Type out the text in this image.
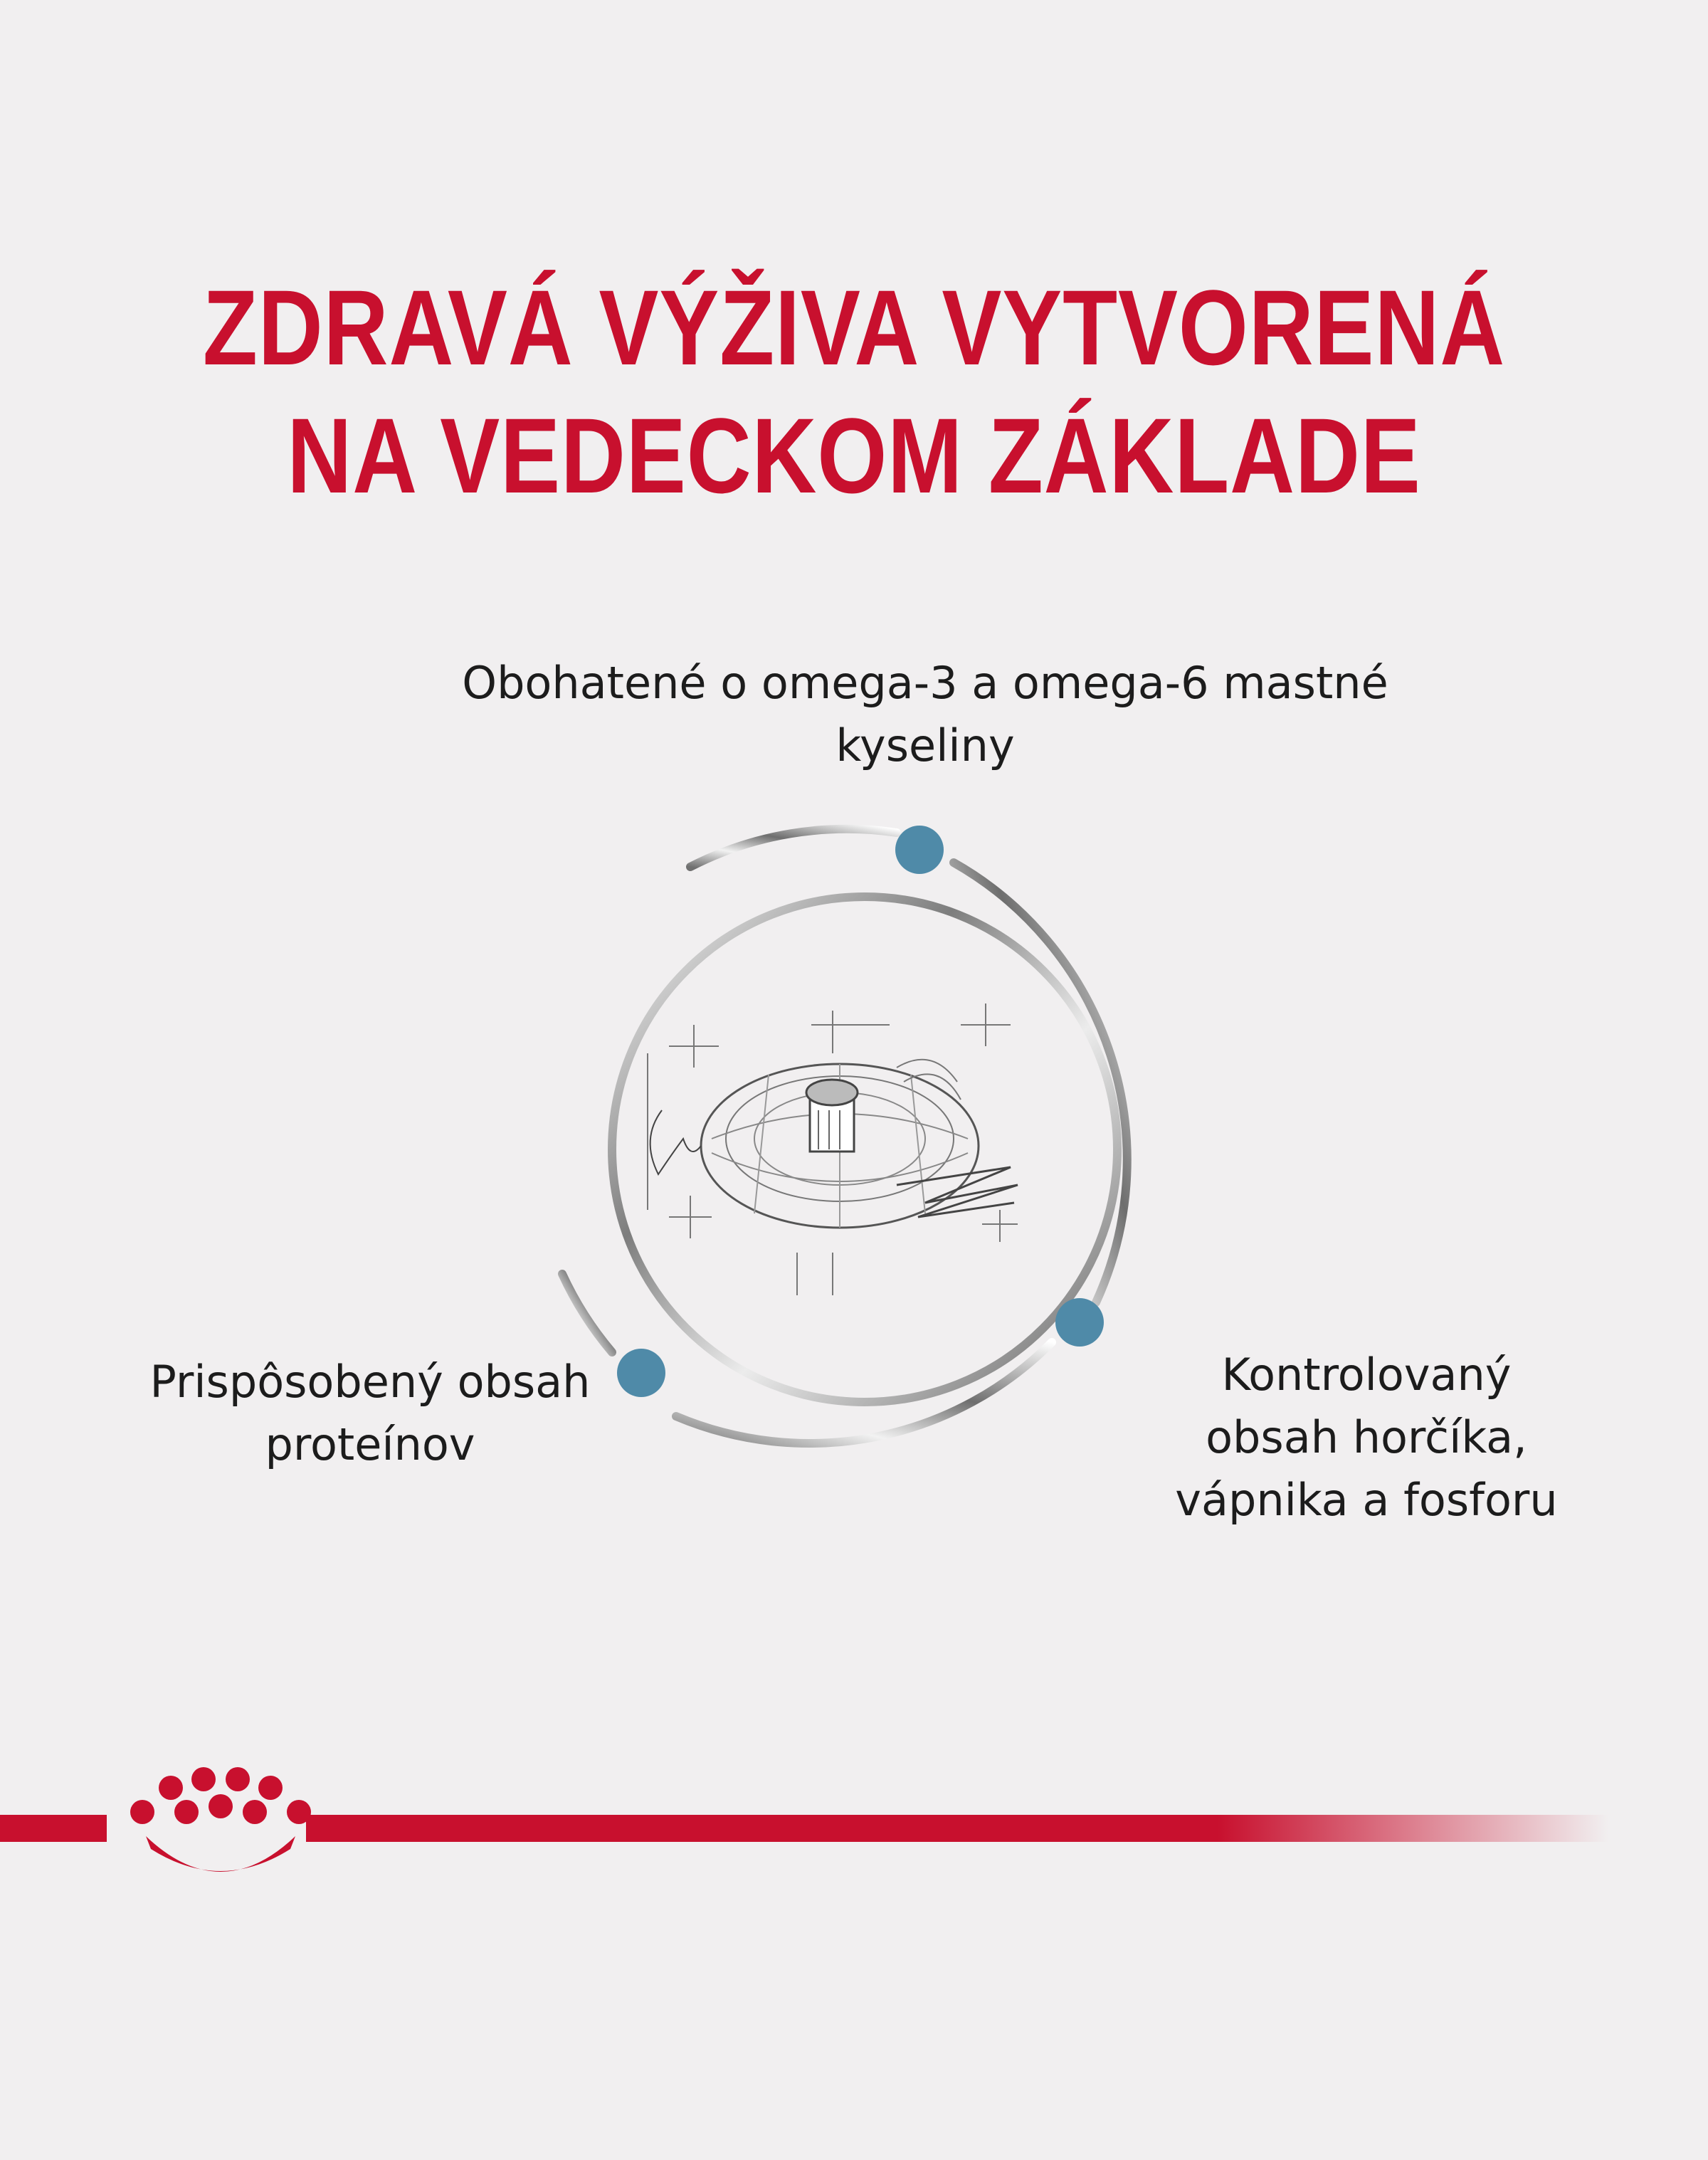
ZDRAVÁ VÝŽIVA VYTVORENÁ
NA VEDECKOM ZÁKLADE
Obohatené o omega-3 a omega-6 mastné
kyseliny
Prispôsobený obsah
proteínov
Kontrolovaný
obsah horčíka,
vápnika a fosforu
